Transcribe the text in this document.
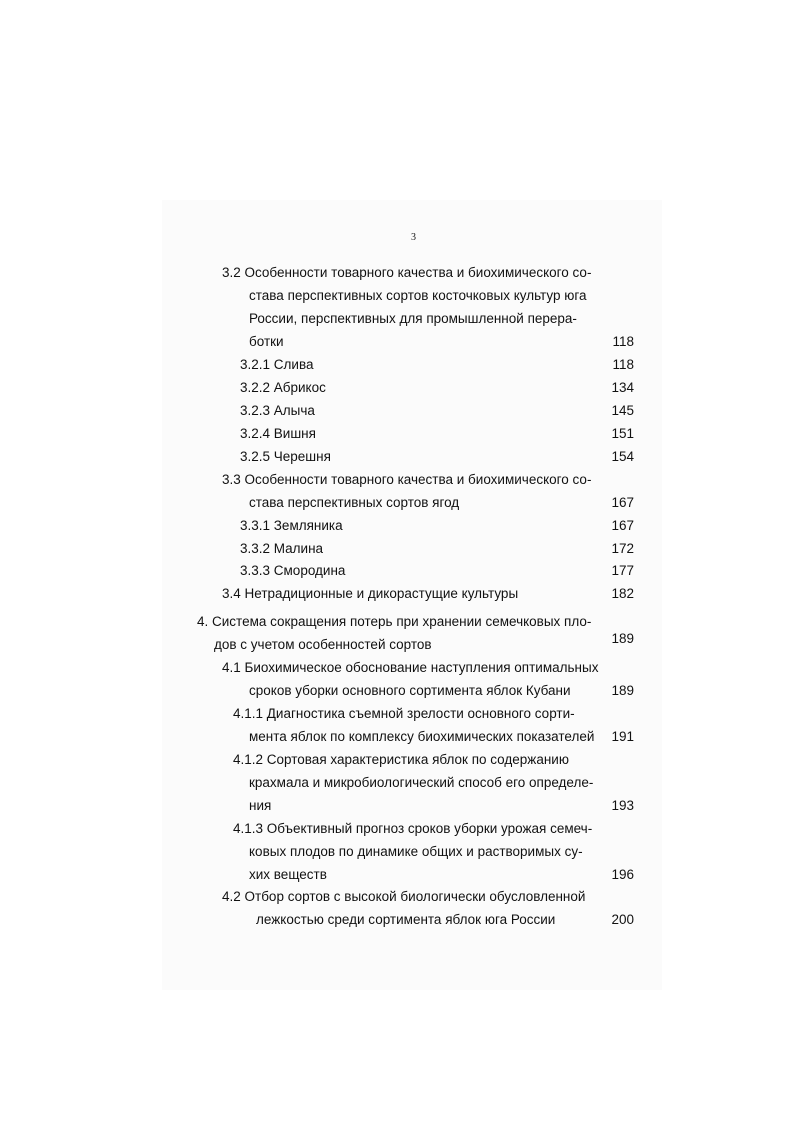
3
3.2 Особенности товарного качества и биохимического со-
става перспективных сортов косточковых культур юга
России, перспективных для промышленной перера-
ботки	118
3.2.1 Слива	118
3.2.2 Абрикос	134
3.2.3 Алыча	145
3.2.4 Вишня	151
3.2.5 Черешня	154
3.3 Особенности товарного качества и биохимического со-
става перспективных сортов ягод	167
3.3.1 Земляника	167
3.3.2 Малина	172
3.3.3 Смородина	177
3.4 Нетрадиционные и дикорастущие культуры	182
4. Система сокращения потерь при хранении семечковых пло-
дов с учетом особенностей сортов	189
4.1 Биохимическое обоснование наступления оптимальных
сроков уборки основного сортимента яблок Кубани	189
4.1.1 Диагностика съемной зрелости основного сорти-
мента яблок по комплексу биохимических показателей 191
4.1.2 Сортовая характеристика яблок по содержанию
крахмала и микробиологический способ его определе-
ния	193
4.1.3 Объективный прогноз сроков уборки урожая семеч-
ковых плодов по динамике общих и растворимых су-
хих веществ	196
4.2 Отбор сортов с высокой биологически обусловленной
лежкостью среди сортимента яблок юга России	200
